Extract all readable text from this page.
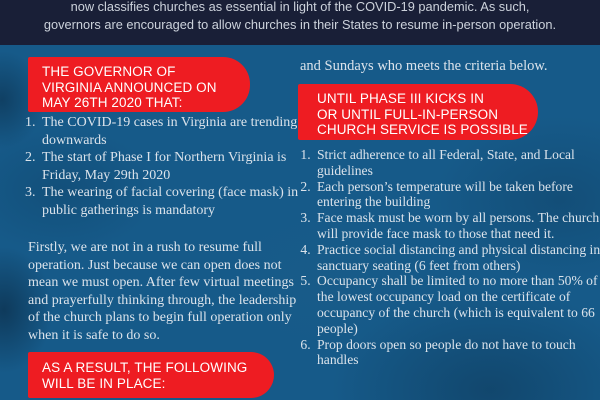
now classifies churches as essential in light of the COVID-19 pandemic. As such,
governors are encouraged to allow churches in their States to resume in-person operation.
THE GOVERNOR OF
VIRGINIA ANNOUNCED ON
MAY 26TH 2020 THAT:
1. The COVID-19 cases in Virginia are trending downwards
2. The start of Phase I for Northern Virginia is Friday, May 29th 2020
3. The wearing of facial covering (face mask) in public gatherings is mandatory

Firstly, we are not in a rush to resume full operation. Just because we can open does not mean we must open. After few virtual meetings and prayerfully thinking through, the leadership of the church plans to begin full operation only when it is safe to do so.

AS A RESULT, THE FOLLOWING
WILL BE IN PLACE:
and Sundays who meets the criteria below.
UNTIL PHASE III KICKS IN
OR UNTIL FULL-IN-PERSON
CHURCH SERVICE IS POSSIBLE
1. Strict adherence to all Federal, State, and Local guidelines
2. Each person’s temperature will be taken before entering the building
3. Face mask must be worn by all persons. The church will provide face mask to those that need it.
4. Practice social distancing and physical distancing in sanctuary seating (6 feet from others)
5. Occupancy shall be limited to no more than 50% of the lowest occupancy load on the certificate of occupancy of the church (which is equivalent to 66 people)
6. Prop doors open so people do not have to touch handles
